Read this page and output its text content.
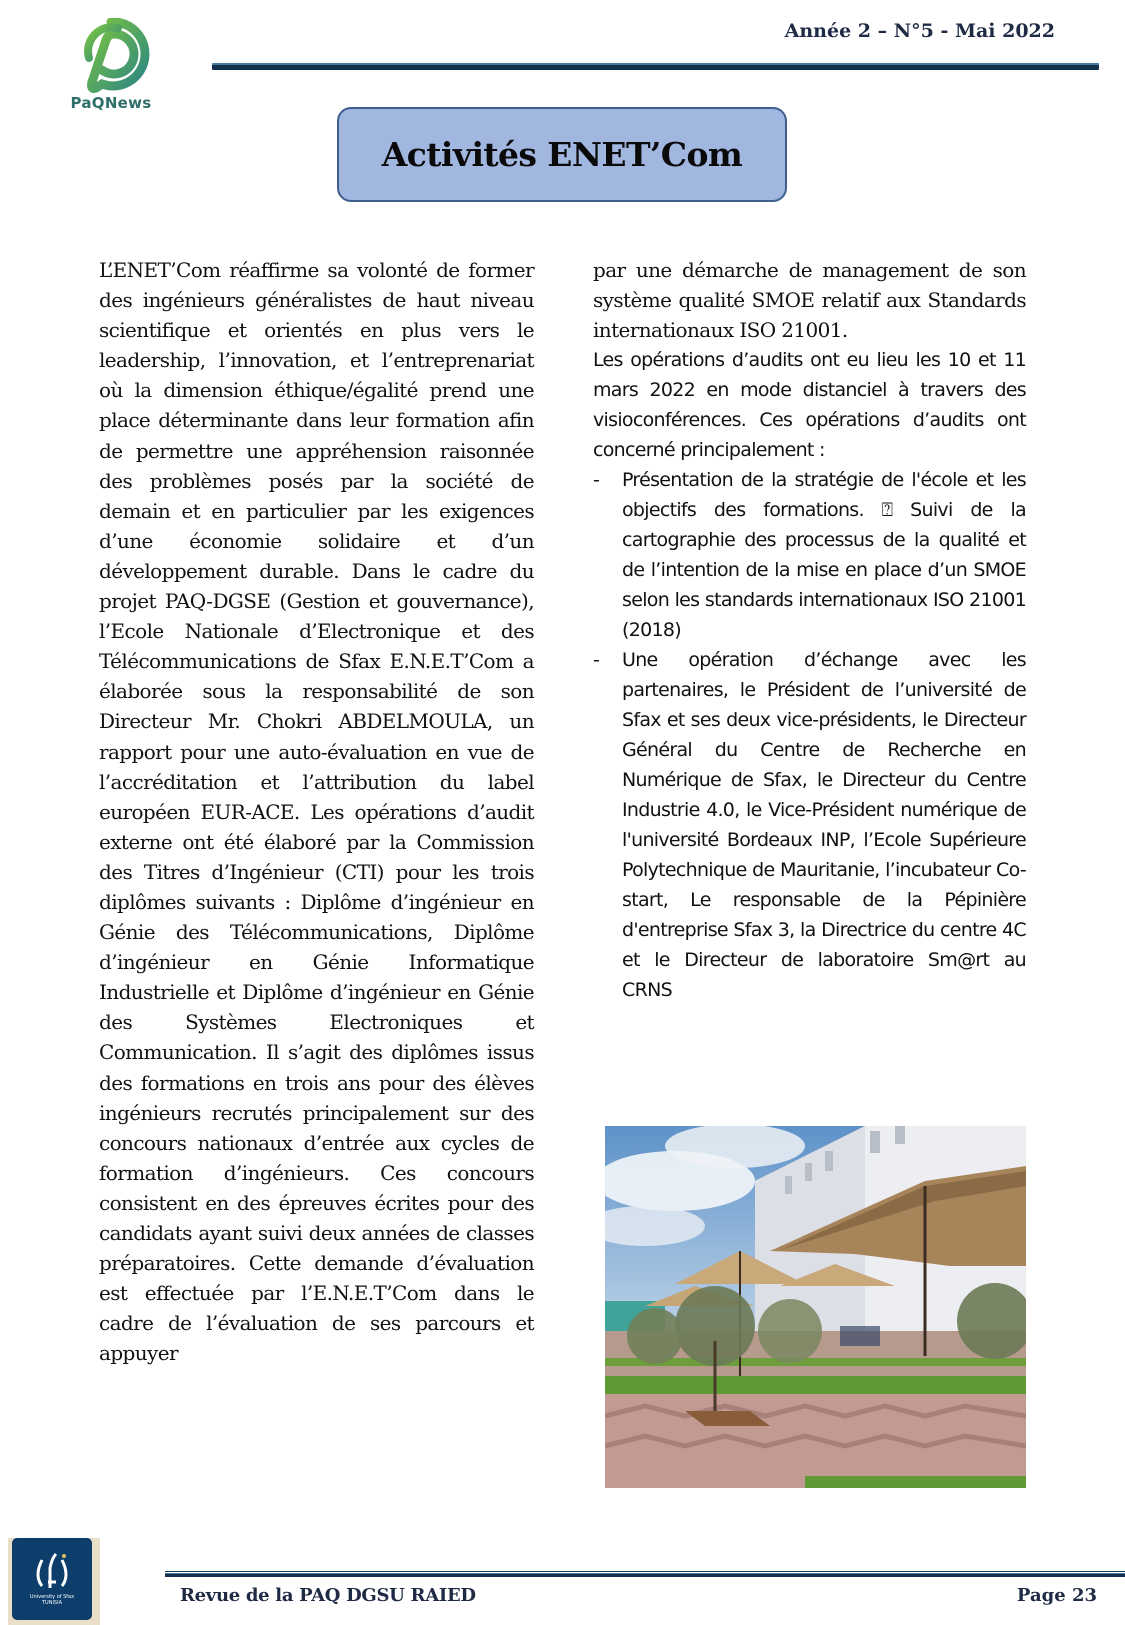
PaQNews
Année 2 – N°5 - Mai 2022
Activités ENET’Com

L’ENET’Com réaffirme sa volonté de former des ingénieurs généralistes de haut niveau scientifique et orientés en plus vers le leadership, l’innovation, et l’entreprenariat où la dimension éthique/égalité prend une place déterminante dans leur formation afin de permettre une appréhension raisonnée des problèmes posés par la société de demain et en particulier par les exigences d’une économie solidaire et d’un développement durable. Dans le cadre du projet PAQ-DGSE (Gestion et gouvernance), l’Ecole Nationale d’Electronique et des Télécommunications de Sfax E.N.E.T’Com a élaborée sous la responsabilité de son Directeur Mr. Chokri ABDELMOULA, un rapport pour une auto-évaluation en vue de l’accréditation et l’attribution du label européen EUR-ACE. Les opérations d’audit externe ont été élaboré par la Commission des Titres d’Ingénieur (CTI) pour les trois diplômes suivants : Diplôme d’ingénieur en Génie des Télécommunications, Diplôme d’ingénieur en Génie Informatique Industrielle et Diplôme d’ingénieur en Génie des Systèmes Electroniques et Communication. Il s’agit des diplômes issus des formations en trois ans pour des élèves ingénieurs recrutés principalement sur des concours nationaux d’entrée aux cycles de formation d’ingénieurs. Ces concours consistent en des épreuves écrites pour des candidats ayant suivi deux années de classes préparatoires. Cette demande d’évaluation est effectuée par l’E.N.E.T’Com dans le cadre de l’évaluation de ses parcours et appuyer

par une démarche de management de son système qualité SMOE relatif aux Standards internationaux ISO 21001.

Les opérations d’audits ont eu lieu les 10 et 11 mars 2022 en mode distanciel à travers des visioconférences. Ces opérations d’audits ont concerné principalement :

- Présentation de la stratégie de l'école et les objectifs des formations. ⍰ Suivi de la cartographie des processus de la qualité et de l’intention de la mise en place d’un SMOE selon les standards internationaux ISO 21001 (2018)
- Une opération d’échange avec les partenaires, le Président de l’université de Sfax et ses deux vice-présidents, le Directeur Général du Centre de Recherche en Numérique de Sfax, le Directeur du Centre Industrie 4.0, le Vice-Président numérique de l'université Bordeaux INP, l’Ecole Supérieure Polytechnique de Mauritanie, l’incubateur Co-start, Le responsable de la Pépinière d'entreprise Sfax 3, la Directrice du centre 4C et le Directeur de laboratoire Sm@rt au CRNS
University of Sfax
TUNISIA	Revue de la PAQ DGSU RAIED	Page 23
